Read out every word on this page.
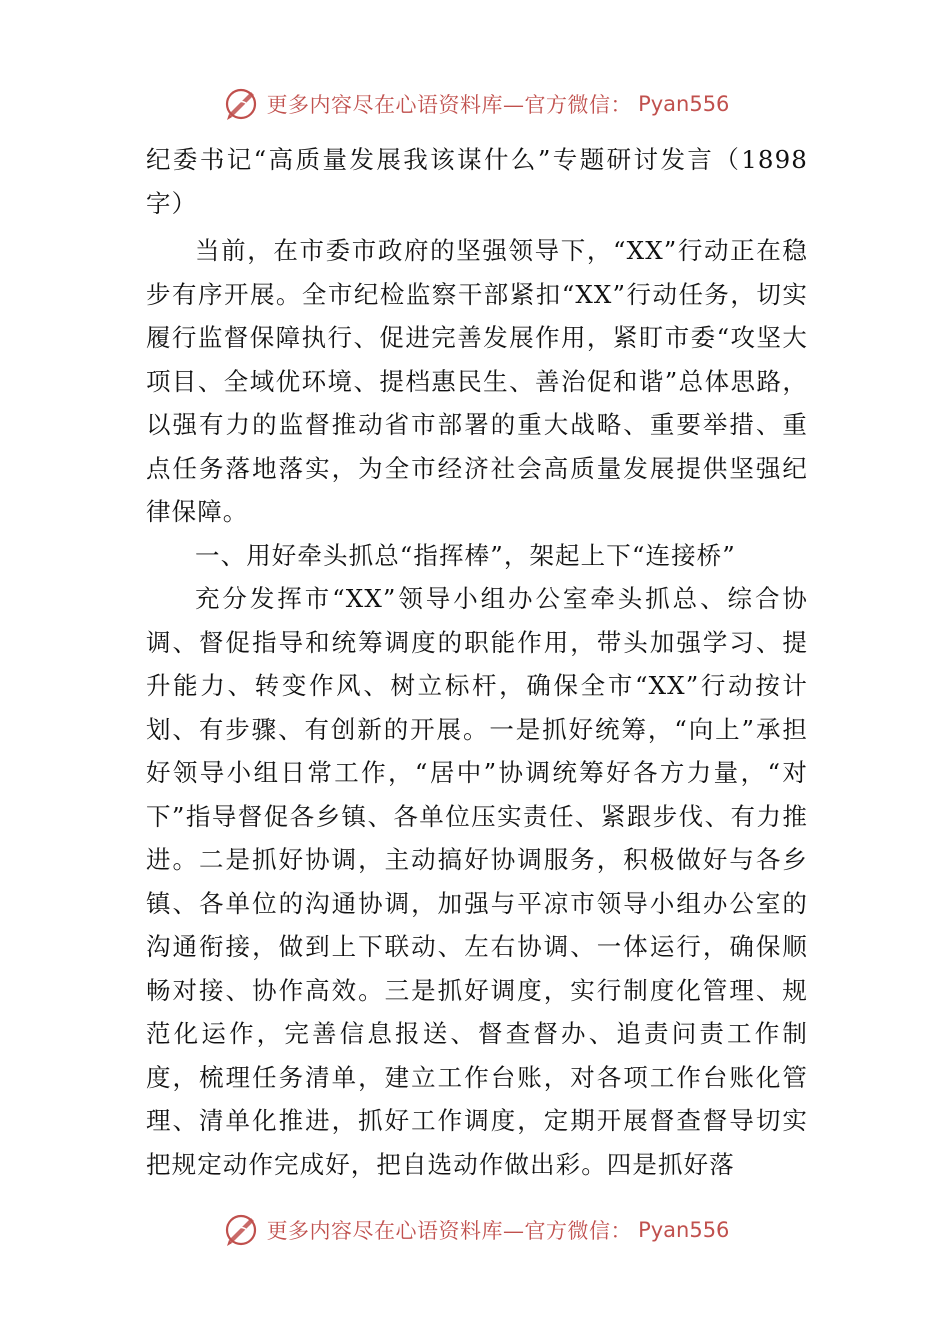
更多内容尽在心语资料库—官方微信： Pyan556

纪委书记“高质量发展我该谋什么”专题研讨发言（1898字）

当前，在市委市政府的坚强领导下，“XX”行动正在稳步有序开展。全市纪检监察干部紧扣“XX”行动任务，切实履行监督保障执行、促进完善发展作用，紧盯市委“攻坚大项目、全域优环境、提档惠民生、善治促和谐”总体思路，以强有力的监督推动省市部署的重大战略、重要举措、重点任务落地落实，为全市经济社会高质量发展提供坚强纪律保障。

一、用好牵头抓总“指挥棒”，架起上下“连接桥”

充分发挥市“XX”领导小组办公室牵头抓总、综合协调、督促指导和统筹调度的职能作用，带头加强学习、提升能力、转变作风、树立标杆，确保全市“XX”行动按计划、有步骤、有创新的开展。一是抓好统筹，“向上”承担好领导小组日常工作，“居中”协调统筹好各方力量，“对下”指导督促各乡镇、各单位压实责任、紧跟步伐、有力推进。二是抓好协调，主动搞好协调服务，积极做好与各乡镇、各单位的沟通协调，加强与平凉市领导小组办公室的沟通衔接，做到上下联动、左右协调、一体运行，确保顺畅对接、协作高效。三是抓好调度，实行制度化管理、规范化运作，完善信息报送、督查督办、追责问责工作制度，梳理任务清单，建立工作台账，对各项工作台账化管理、清单化推进，抓好工作调度，定期开展督查督导切实把规定动作完成好，把自选动作做出彩。四是抓好落

更多内容尽在心语资料库—官方微信： Pyan556
